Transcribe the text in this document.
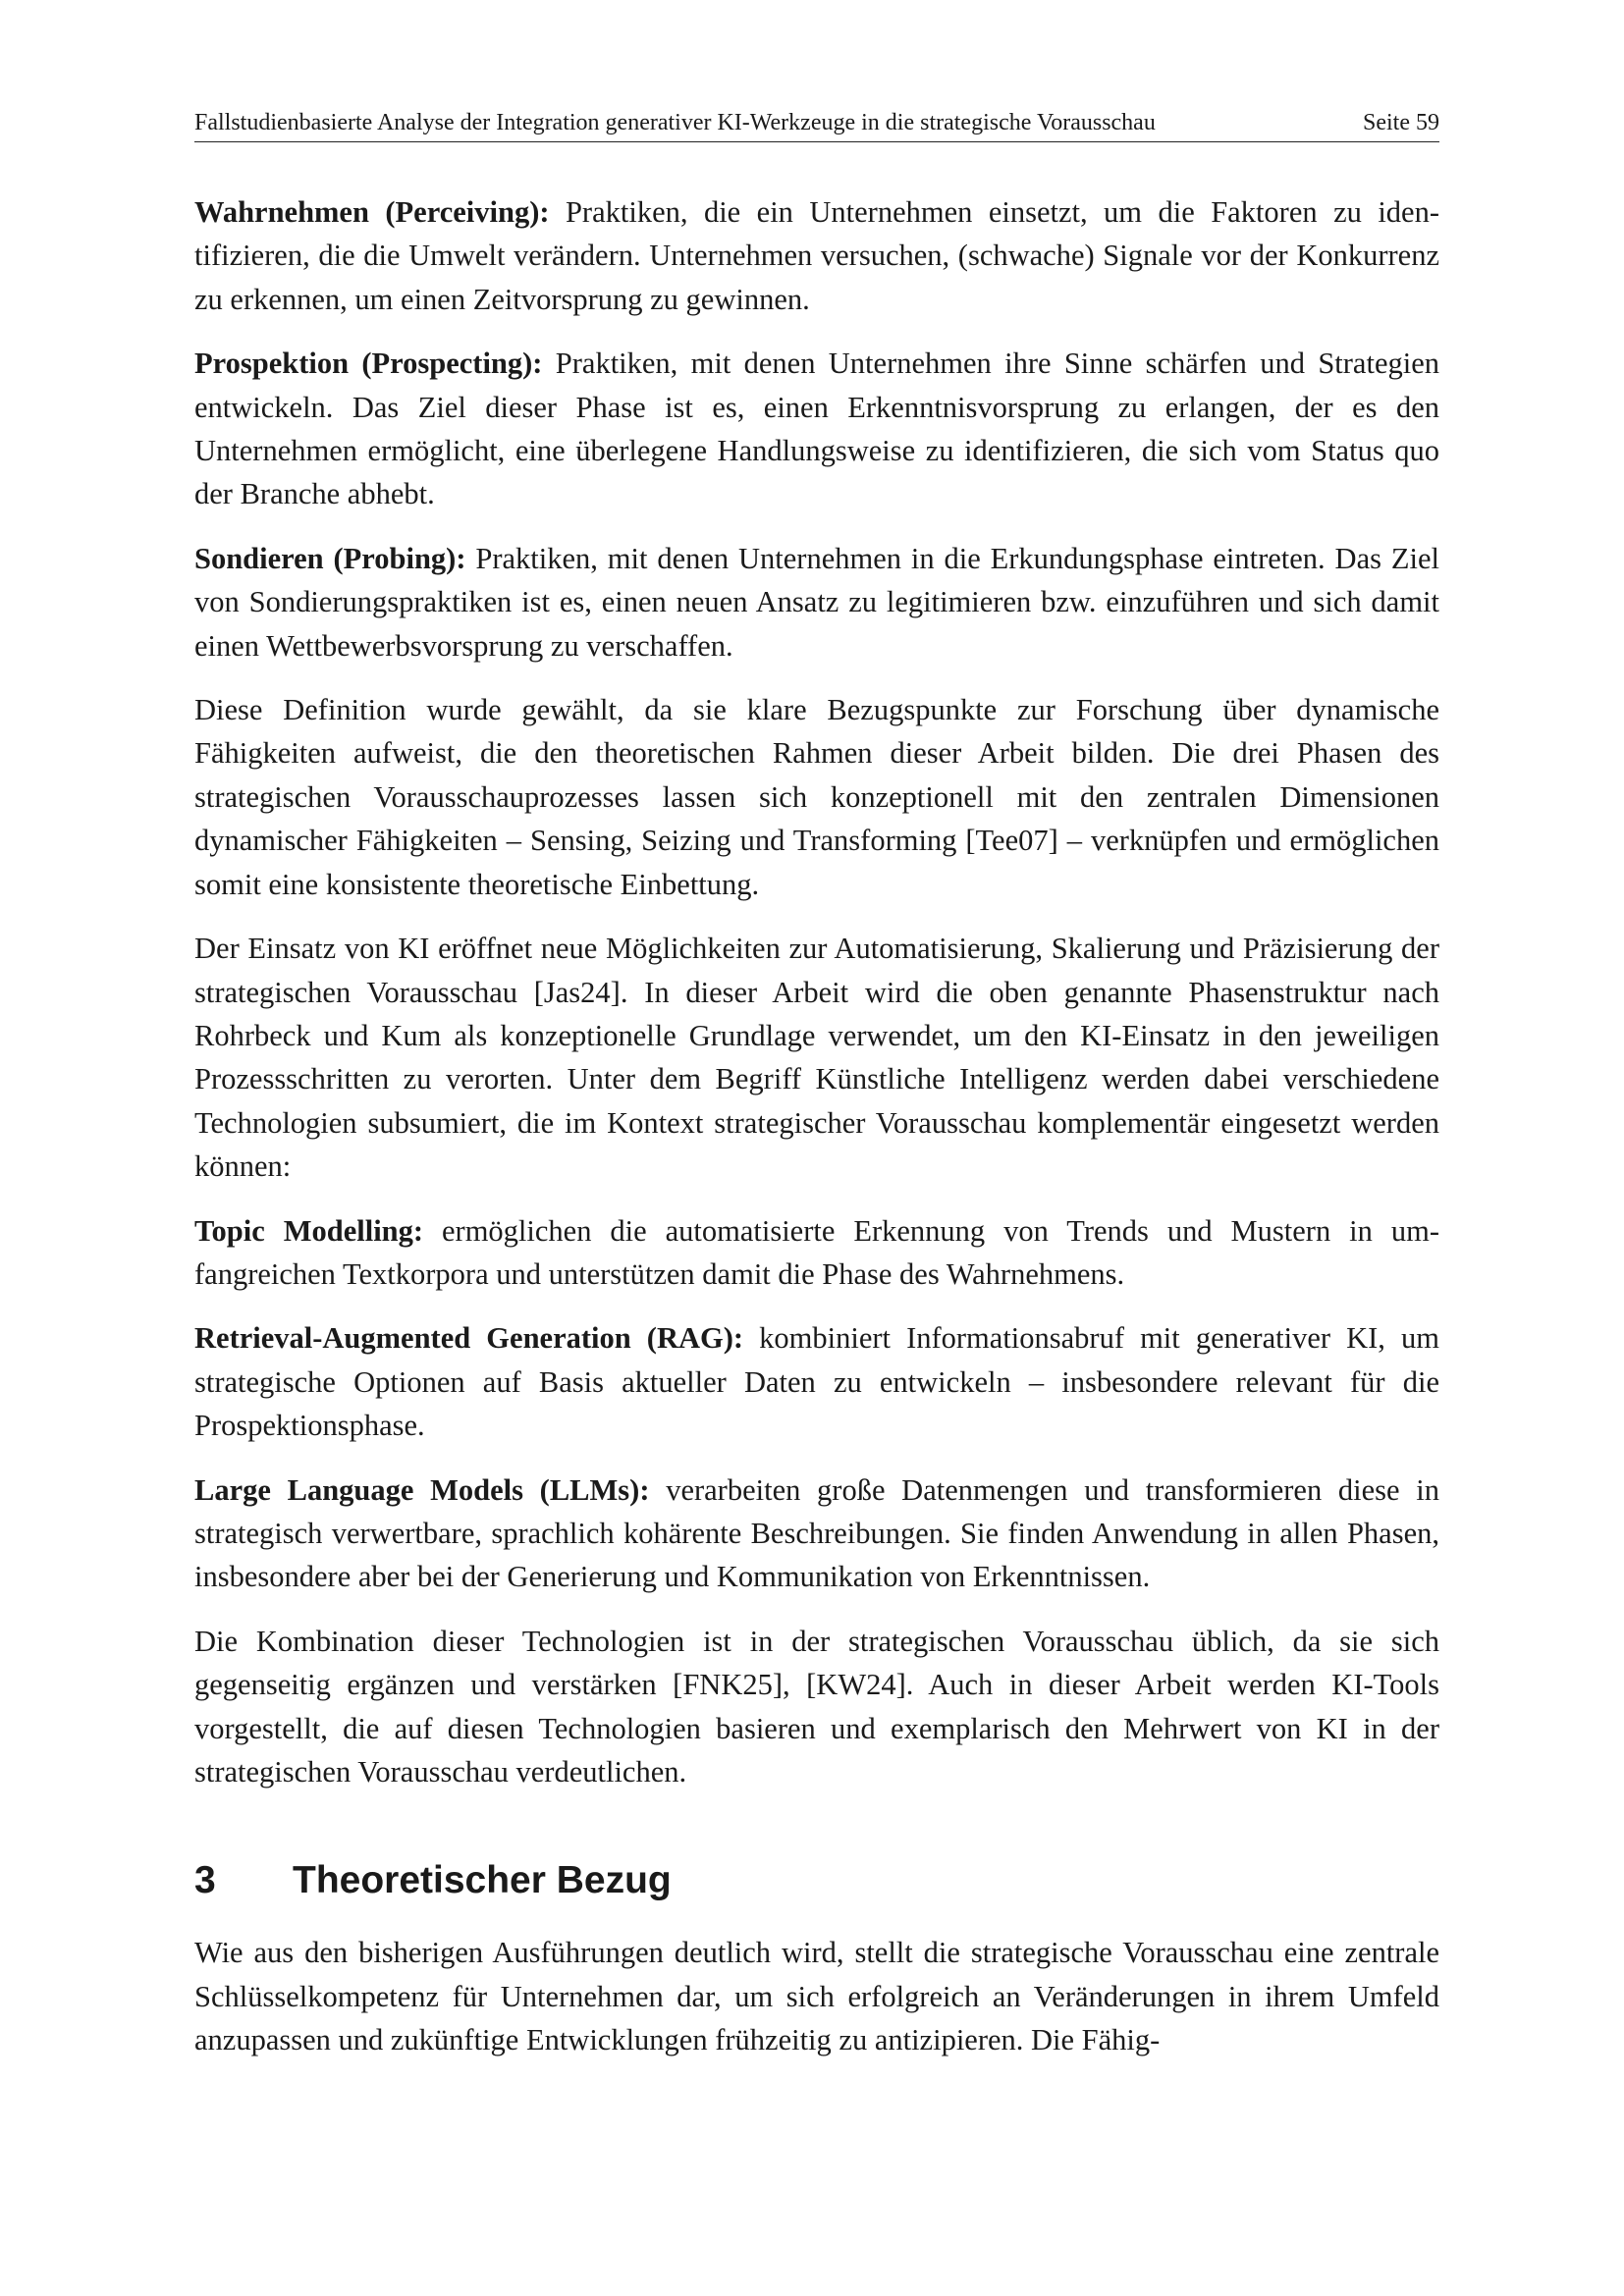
Fallstudienbasierte Analyse der Integration generativer KI-Werkzeuge in die strategische Vorausschau	Seite 59

Wahrnehmen (Perceiving): Praktiken, die ein Unternehmen einsetzt, um die Faktoren zu identifizieren, die die Umwelt verändern. Unternehmen versuchen, (schwache) Signale vor der Konkurrenz zu erkennen, um einen Zeitvorsprung zu gewinnen.

Prospektion (Prospecting): Praktiken, mit denen Unternehmen ihre Sinne schärfen und Strategien entwickeln. Das Ziel dieser Phase ist es, einen Erkenntnisvorsprung zu erlangen, der es den Unternehmen ermöglicht, eine überlegene Handlungsweise zu identifizieren, die sich vom Status quo der Branche abhebt.

Sondieren (Probing): Praktiken, mit denen Unternehmen in die Erkundungsphase eintreten. Das Ziel von Sondierungspraktiken ist es, einen neuen Ansatz zu legitimieren bzw. einzuführen und sich damit einen Wettbewerbsvorsprung zu verschaffen.

Diese Definition wurde gewählt, da sie klare Bezugspunkte zur Forschung über dynamische Fähigkeiten aufweist, die den theoretischen Rahmen dieser Arbeit bilden. Die drei Phasen des strategischen Vorausschauprozesses lassen sich konzeptionell mit den zentralen Dimensionen dynamischer Fähigkeiten – Sensing, Seizing und Transforming [Tee07] – verknüpfen und ermöglichen somit eine konsistente theoretische Einbettung.

Der Einsatz von KI eröffnet neue Möglichkeiten zur Automatisierung, Skalierung und Präzisierung der strategischen Vorausschau [Jas24]. In dieser Arbeit wird die oben genannte Phasenstruktur nach Rohrbeck und Kum als konzeptionelle Grundlage verwendet, um den KI-Einsatz in den jeweiligen Prozessschritten zu verorten. Unter dem Begriff Künstliche Intelligenz werden dabei verschiedene Technologien subsumiert, die im Kontext strategischer Vorausschau komplementär eingesetzt werden können:

Topic Modelling: ermöglichen die automatisierte Erkennung von Trends und Mustern in umfangreichen Textkorpora und unterstützen damit die Phase des Wahrnehmens.

Retrieval-Augmented Generation (RAG): kombiniert Informationsabruf mit generativer KI, um strategische Optionen auf Basis aktueller Daten zu entwickeln – insbesondere relevant für die Prospektionsphase.

Large Language Models (LLMs): verarbeiten große Datenmengen und transformieren diese in strategisch verwertbare, sprachlich kohärente Beschreibungen. Sie finden Anwendung in allen Phasen, insbesondere aber bei der Generierung und Kommunikation von Erkenntnissen.

Die Kombination dieser Technologien ist in der strategischen Vorausschau üblich, da sie sich gegenseitig ergänzen und verstärken [FNK25], [KW24]. Auch in dieser Arbeit werden KI-Tools vorgestellt, die auf diesen Technologien basieren und exemplarisch den Mehrwert von KI in der strategischen Vorausschau verdeutlichen.

3	Theoretischer Bezug

Wie aus den bisherigen Ausführungen deutlich wird, stellt die strategische Vorausschau eine zentrale Schlüsselkompetenz für Unternehmen dar, um sich erfolgreich an Veränderungen in ihrem Umfeld anzupassen und zukünftige Entwicklungen frühzeitig zu antizipieren. Die Fähig-
